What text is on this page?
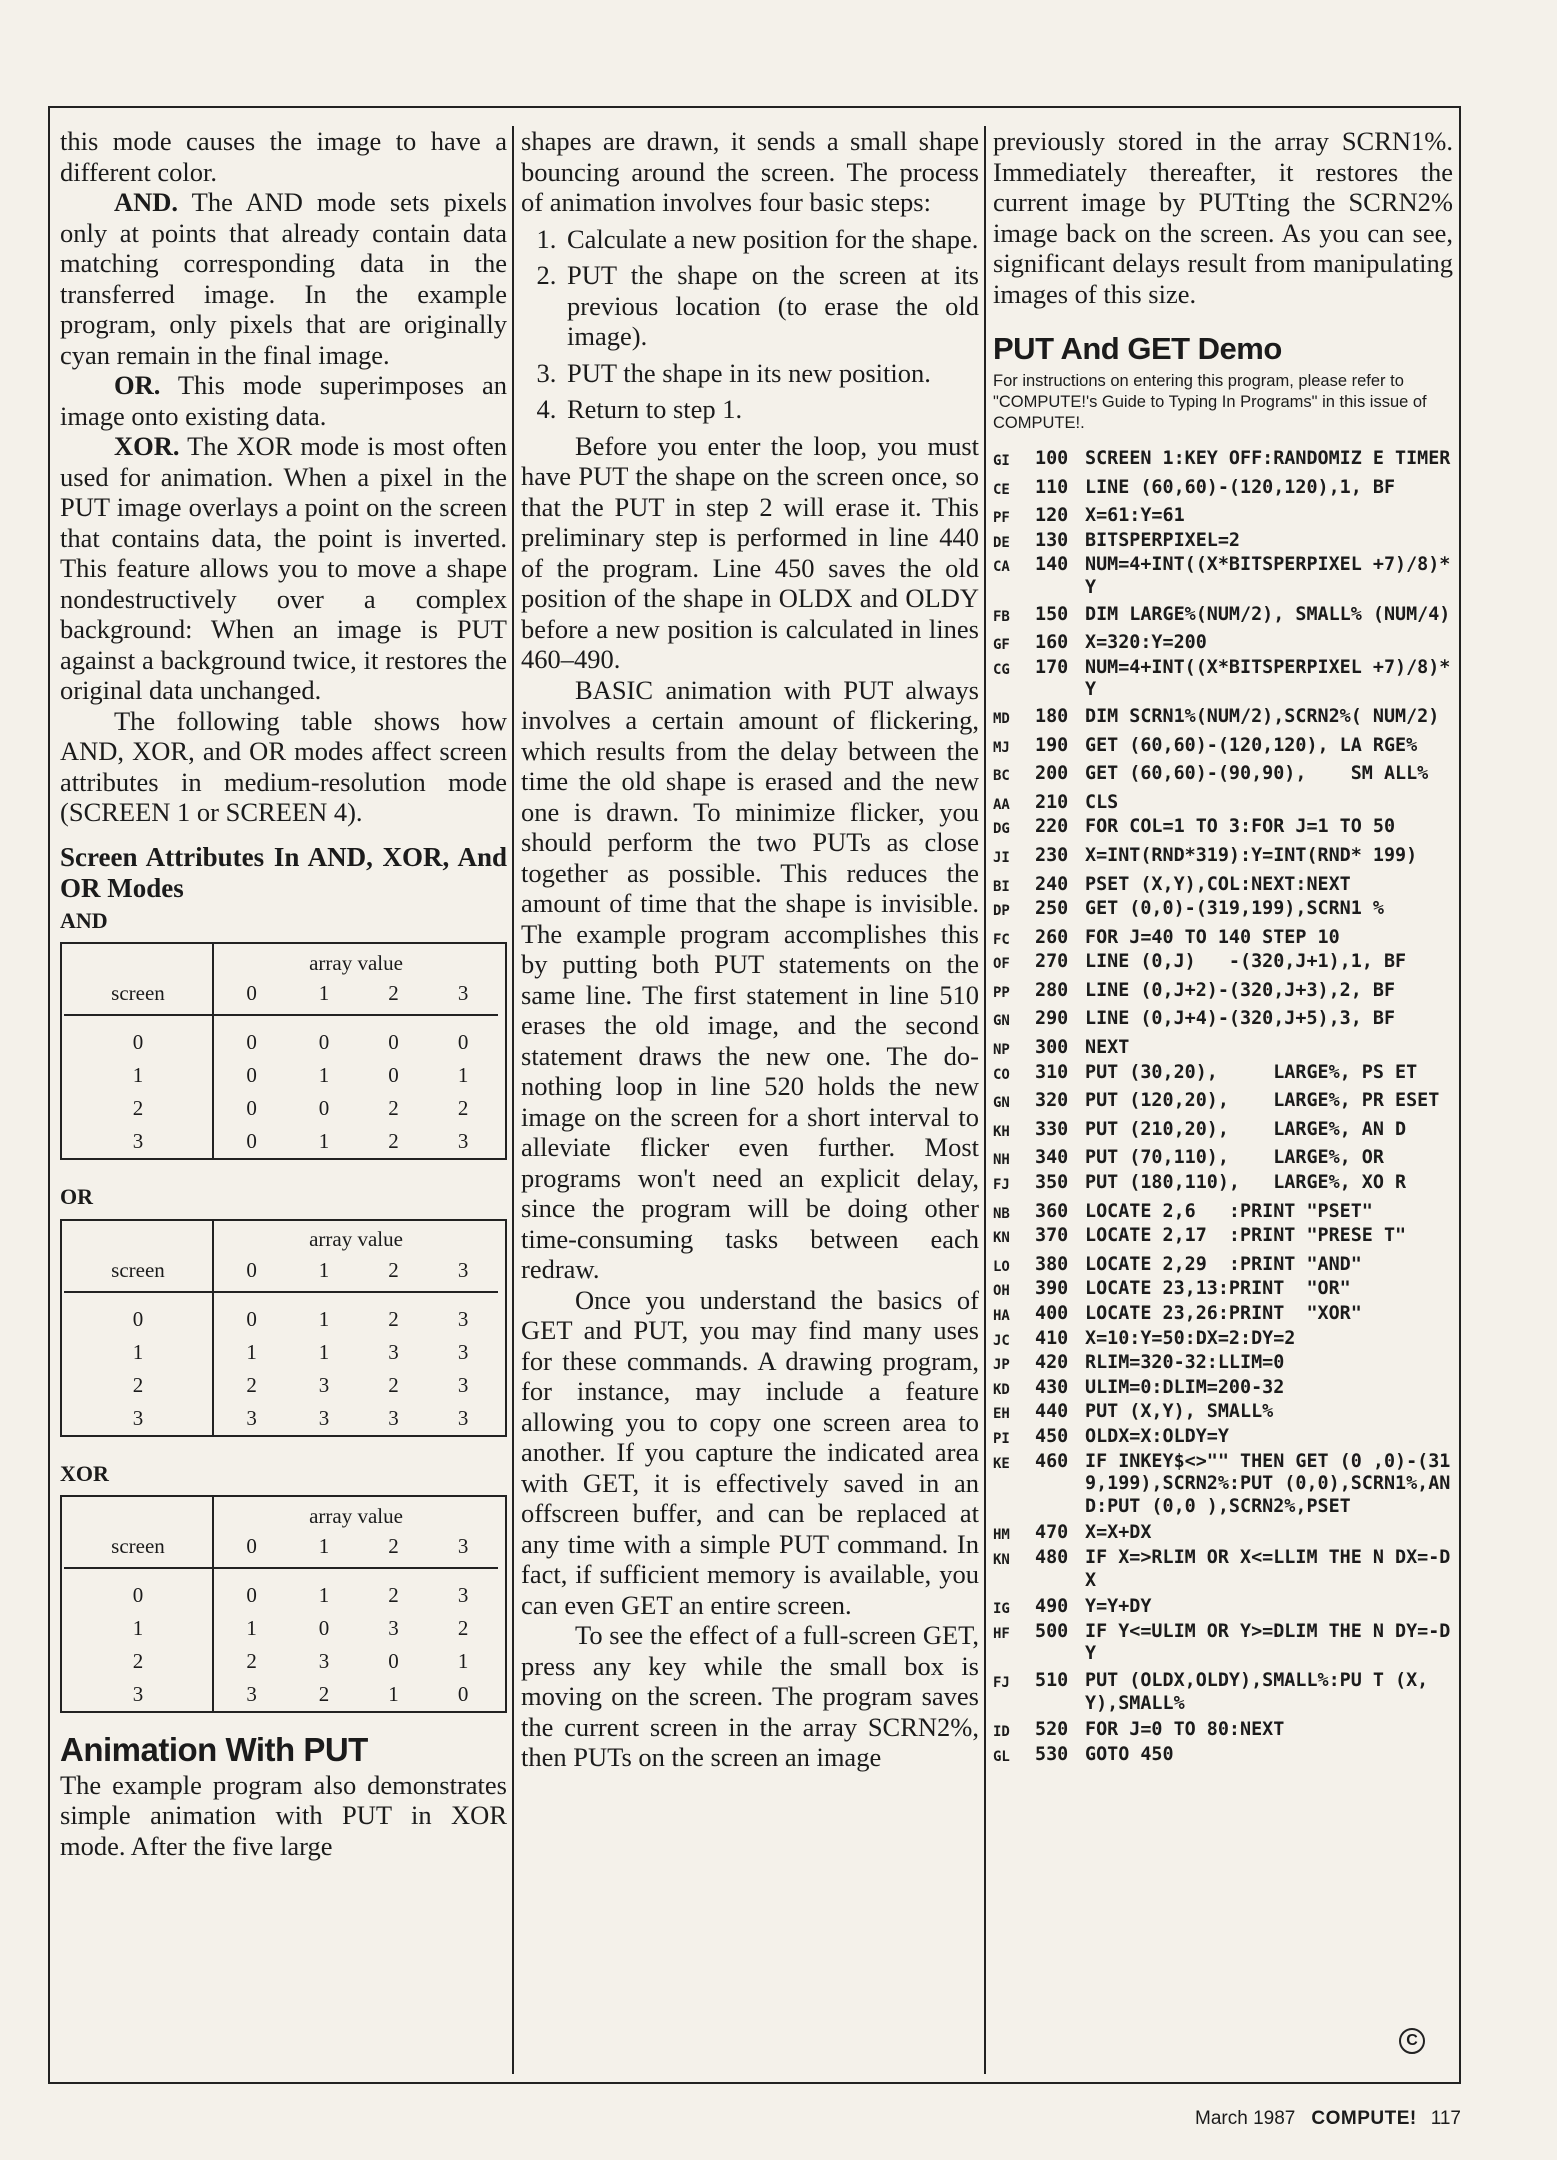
this mode causes the image to have a different color.

AND. The AND mode sets pixels only at points that already contain data matching corresponding data in the transferred image. In the example program, only pixels that are originally cyan remain in the final image.

OR. This mode superimposes an image onto existing data.

XOR. The XOR mode is most often used for animation. When a pixel in the PUT image overlays a point on the screen that contains data, the point is inverted. This feature allows you to move a shape nondestructively over a complex background: When an image is PUT against a background twice, it restores the original data unchanged.

The following table shows how AND, XOR, and OR modes affect screen attributes in medium-resolution mode (SCREEN 1 or SCREEN 4).

Screen Attributes In AND, XOR, And OR Modes
AND
	array value			
screen	0	1	2	3
0	0	0	0	0
1	0	1	0	1
2	0	0	2	2
3	0	1	2	3
OR
	array value			
screen	0	1	2	3
0	0	1	2	3
1	1	1	3	3
2	2	3	2	3
3	3	3	3	3
XOR
	array value			
screen	0	1	2	3
0	0	1	2	3
1	1	0	3	2
2	2	3	0	1
3	3	2	1	0
Animation With PUT

The example program also demonstrates simple animation with PUT in XOR mode. After the five large

shapes are drawn, it sends a small shape bouncing around the screen. The process of animation involves four basic steps:

1. Calculate a new position for the shape.
2. PUT the shape on the screen at its previous location (to erase the old image).
3. PUT the shape in its new position.
4. Return to step 1.

Before you enter the loop, you must have PUT the shape on the screen once, so that the PUT in step 2 will erase it. This preliminary step is performed in line 440 of the program. Line 450 saves the old position of the shape in OLDX and OLDY before a new position is calculated in lines 460–490.

BASIC animation with PUT always involves a certain amount of flickering, which results from the delay between the time the old shape is erased and the new one is drawn. To minimize flicker, you should perform the two PUTs as close together as possible. This reduces the amount of time that the shape is invisible. The example program accomplishes this by putting both PUT statements on the same line. The first statement in line 510 erases the old image, and the second statement draws the new one. The do-nothing loop in line 520 holds the new image on the screen for a short interval to alleviate flicker even further. Most programs won't need an explicit delay, since the program will be doing other time-consuming tasks between each redraw.

Once you understand the basics of GET and PUT, you may find many uses for these commands. A drawing program, for instance, may include a feature allowing you to copy one screen area to another. If you capture the indicated area with GET, it is effectively saved in an offscreen buffer, and can be replaced at any time with a simple PUT command. In fact, if sufficient memory is available, you can even GET an entire screen.

To see the effect of a full-screen GET, press any key while the small box is moving on the screen. The program saves the current screen in the array SCRN2%, then PUTs on the screen an image

previously stored in the array SCRN1%. Immediately thereafter, it restores the current image by PUTting the SCRN2% image back on the screen. As you can see, significant delays result from manipulating images of this size.

PUT And GET Demo

For instructions on entering this program, please refer to "COMPUTE!'s Guide to Typing In Programs" in this issue of COMPUTE!.

GI	100 SCREEN 1:KEY OFF:RANDOMIZ E TIMER
CE	110 LINE (60,60)-(120,120),1, BF
PF	120 X=61:Y=61
DE	130 BITSPERPIXEL=2
CA	140 NUM=4+INT((X*BITSPERPIXEL +7)/8)*Y
FB	150 DIM LARGE%(NUM/2), SMALL% (NUM/4)
GF	160 X=320:Y=200
CG	170 NUM=4+INT((X*BITSPERPIXEL +7)/8)*Y
MD	180 DIM SCRN1%(NUM/2),SCRN2%( NUM/2)
MJ	190 GET (60,60)-(120,120), LA RGE%
BC	200 GET (60,60)-(90,90),    SM ALL%
AA	210 CLS
DG	220 FOR COL=1 TO 3:FOR J=1 TO 50
JI	230 X=INT(RND*319):Y=INT(RND* 199)
BI	240 PSET (X,Y),COL:NEXT:NEXT
DP	250 GET (0,0)-(319,199),SCRN1 %
FC	260 FOR J=40 TO 140 STEP 10
OF	270 LINE (0,J)   -(320,J+1),1, BF
PP	280 LINE (0,J+2)-(320,J+3),2, BF
GN	290 LINE (0,J+4)-(320,J+5),3, BF
NP	300 NEXT
CO	310 PUT (30,20),     LARGE%, PS ET
GN	320 PUT (120,20),    LARGE%, PR ESET
KH	330 PUT (210,20),    LARGE%, AN D
NH	340 PUT (70,110),    LARGE%, OR
FJ	350 PUT (180,110),   LARGE%, XO R
NB	360 LOCATE 2,6   :PRINT "PSET"
KN	370 LOCATE 2,17  :PRINT "PRESE T"
LO	380 LOCATE 2,29  :PRINT "AND"
OH	390 LOCATE 23,13:PRINT  "OR"
HA	400 LOCATE 23,26:PRINT  "XOR"
JC	410 X=10:Y=50:DX=2:DY=2
JP	420 RLIM=320-32:LLIM=0
KD	430 ULIM=0:DLIM=200-32
EH	440 PUT (X,Y), SMALL%
PI	450 OLDX=X:OLDY=Y
KE	460 IF INKEY$<>"" THEN GET (0 ,0)-(319,199),SCRN2%:PUT (0,0),SCRN1%,AND:PUT (0,0 ),SCRN2%,PSET
HM	470 X=X+DX
KN	480 IF X=>RLIM OR X<=LLIM THE N DX=-DX
IG	490 Y=Y+DY
HF	500 IF Y<=ULIM OR Y>=DLIM THE N DY=-DY
FJ	510 PUT (OLDX,OLDY),SMALL%:PU T (X,Y),SMALL%
ID	520 FOR J=0 TO 80:NEXT
GL	530 GOTO 450
C
March 1987 COMPUTE! 117
